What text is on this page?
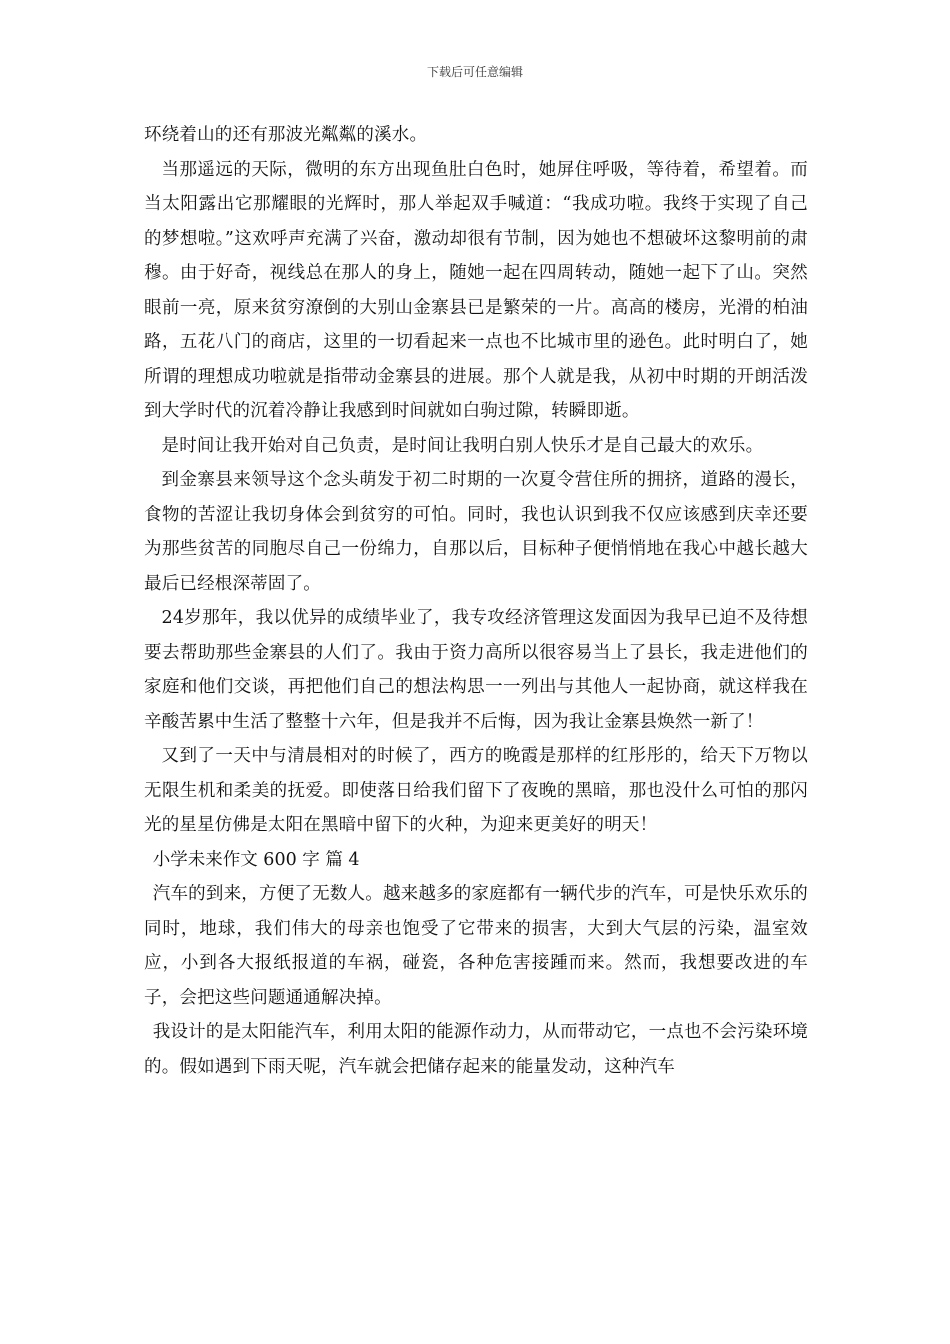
下载后可任意编辑

环绕着山的还有那波光粼粼的溪水。

当那遥远的天际，微明的东方出现鱼肚白色时，她屏住呼吸，等待着，希望着。而当太阳露出它那耀眼的光辉时，那人举起双手喊道：“我成功啦。我终于实现了自己的梦想啦。”这欢呼声充满了兴奋，激动却很有节制，因为她也不想破坏这黎明前的肃穆。由于好奇，视线总在那人的身上，随她一起在四周转动，随她一起下了山。突然眼前一亮，原来贫穷潦倒的大别山金寨县已是繁荣的一片。高高的楼房，光滑的柏油路，五花八门的商店，这里的一切看起来一点也不比城市里的逊色。此时明白了，她所谓的理想成功啦就是指带动金寨县的进展。那个人就是我，从初中时期的开朗活泼到大学时代的沉着冷静让我感到时间就如白驹过隙，转瞬即逝。

是时间让我开始对自己负责，是时间让我明白别人快乐才是自己最大的欢乐。

到金寨县来领导这个念头萌发于初二时期的一次夏令营住所的拥挤，道路的漫长，食物的苦涩让我切身体会到贫穷的可怕。同时，我也认识到我不仅应该感到庆幸还要为那些贫苦的同胞尽自己一份绵力，自那以后，目标种子便悄悄地在我心中越长越大最后已经根深蒂固了。

24岁那年，我以优异的成绩毕业了，我专攻经济管理这发面因为我早已迫不及待想要去帮助那些金寨县的人们了。我由于资力高所以很容易当上了县长，我走进他们的家庭和他们交谈，再把他们自己的想法构思一一列出与其他人一起协商，就这样我在辛酸苦累中生活了整整十六年，但是我并不后悔，因为我让金寨县焕然一新了！

又到了一天中与清晨相对的时候了，西方的晚霞是那样的红彤彤的，给天下万物以无限生机和柔美的抚爱。即使落日给我们留下了夜晚的黑暗，那也没什么可怕的那闪光的星星仿佛是太阳在黑暗中留下的火种，为迎来更美好的明天！

小学未来作文 600 字 篇 4

汽车的到来，方便了无数人。越来越多的家庭都有一辆代步的汽车，可是快乐欢乐的同时，地球，我们伟大的母亲也饱受了它带来的损害，大到大气层的污染，温室效应，小到各大报纸报道的车祸，碰瓷，各种危害接踵而来。然而，我想要改进的车子，会把这些问题通通解决掉。

我设计的是太阳能汽车，利用太阳的能源作动力，从而带动它，一点也不会污染环境的。假如遇到下雨天呢，汽车就会把储存起来的能量发动，这种汽车
